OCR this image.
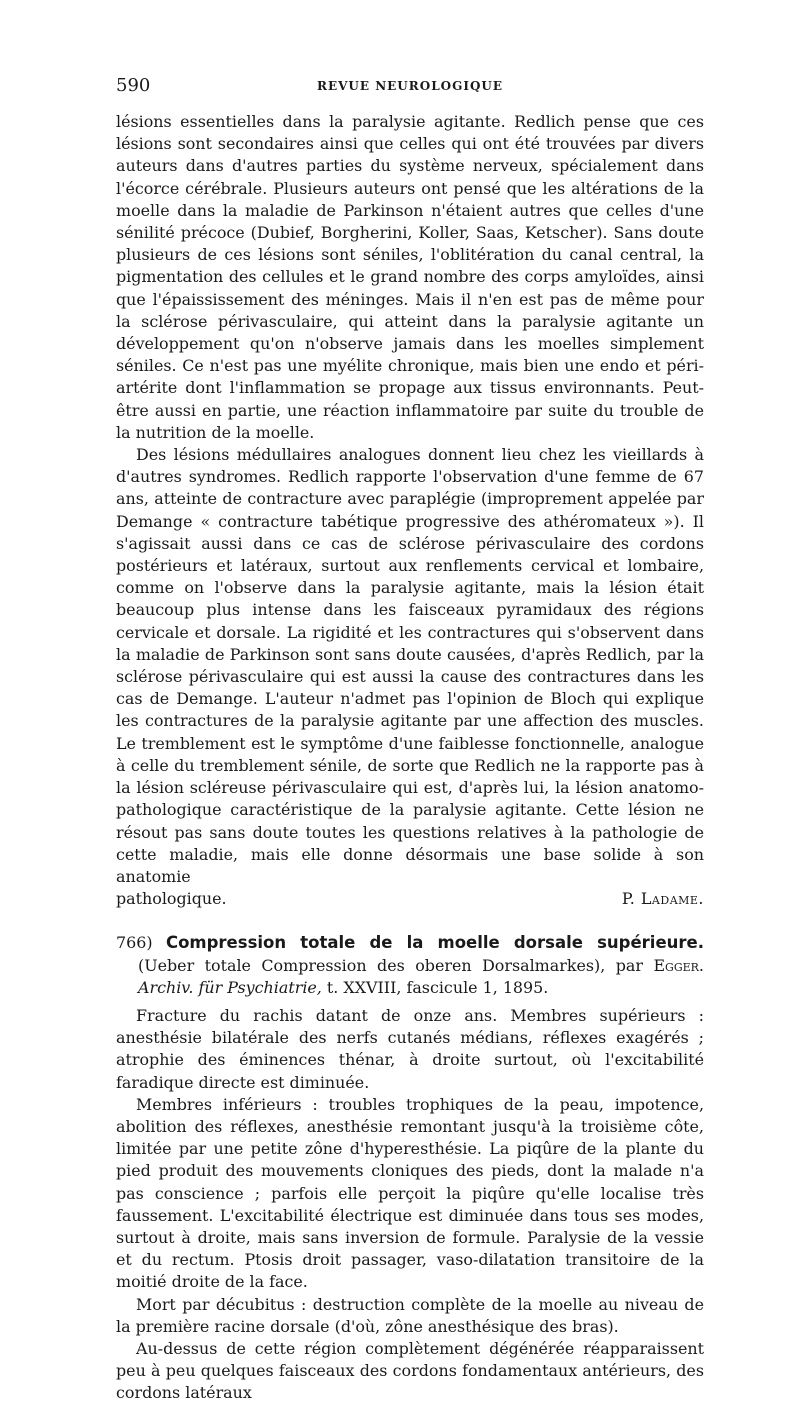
590	REVUE NEUROLOGIQUE

lésions essentielles dans la paralysie agitante. Redlich pense que ces lésions sont secondaires ainsi que celles qui ont été trouvées par divers auteurs dans d'autres parties du système nerveux, spécialement dans l'écorce cérébrale. Plusieurs auteurs ont pensé que les altérations de la moelle dans la maladie de Parkinson n'étaient autres que celles d'une sénilité précoce (Dubief, Borgherini, Koller, Saas, Ketscher). Sans doute plusieurs de ces lésions sont séniles, l'oblitération du canal central, la pigmentation des cellules et le grand nombre des corps amyloïdes, ainsi que l'épaississement des méninges. Mais il n'en est pas de même pour la sclérose périvasculaire, qui atteint dans la paralysie agitante un développement qu'on n'observe jamais dans les moelles simplement séniles. Ce n'est pas une myélite chronique, mais bien une endo et péri-artérite dont l'inflammation se propage aux tissus environnants. Peut-être aussi en partie, une réaction inflammatoire par suite du trouble de la nutrition de la moelle.

Des lésions médullaires analogues donnent lieu chez les vieillards à d'autres syndromes. Redlich rapporte l'observation d'une femme de 67 ans, atteinte de contracture avec paraplégie (improprement appelée par Demange « contracture tabétique progressive des athéromateux »). Il s'agissait aussi dans ce cas de sclérose périvasculaire des cordons postérieurs et latéraux, surtout aux renflements cervical et lombaire, comme on l'observe dans la paralysie agitante, mais la lésion était beaucoup plus intense dans les faisceaux pyramidaux des régions cervicale et dorsale. La rigidité et les contractures qui s'observent dans la maladie de Parkinson sont sans doute causées, d'après Redlich, par la sclérose périvasculaire qui est aussi la cause des contractures dans les cas de Demange. L'auteur n'admet pas l'opinion de Bloch qui explique les contractures de la paralysie agitante par une affection des muscles. Le tremblement est le symptôme d'une faiblesse fonctionnelle, analogue à celle du tremblement sénile, de sorte que Redlich ne la rapporte pas à la lésion scléreuse périvasculaire qui est, d'après lui, la lésion anatomo-pathologique caractéristique de la paralysie agitante. Cette lésion ne résout pas sans doute toutes les questions relatives à la pathologie de cette maladie, mais elle donne désormais une base solide à son anatomie

pathologique.	P. Ladame.
766) Compression totale de la moelle dorsale supérieure. (Ueber totale Compression des oberen Dorsalmarkes), par Egger. Archiv. für Psychiatrie, t. XXVIII, fascicule 1, 1895.

Fracture du rachis datant de onze ans. Membres supérieurs : anesthésie bilatérale des nerfs cutanés médians, réflexes exagérés ; atrophie des éminences thénar, à droite surtout, où l'excitabilité faradique directe est diminuée.

Membres inférieurs : troubles trophiques de la peau, impotence, abolition des réflexes, anesthésie remontant jusqu'à la troisième côte, limitée par une petite zône d'hyperesthésie. La piqûre de la plante du pied produit des mouvements cloniques des pieds, dont la malade n'a pas conscience ; parfois elle perçoit la piqûre qu'elle localise très faussement. L'excitabilité électrique est diminuée dans tous ses modes, surtout à droite, mais sans inversion de formule. Paralysie de la vessie et du rectum. Ptosis droit passager, vaso-dilatation transitoire de la moitié droite de la face.

Mort par décubitus : destruction complète de la moelle au niveau de la première racine dorsale (d'où, zône anesthésique des bras).

Au-dessus de cette région complètement dégénérée réapparaissent peu à peu quelques faisceaux des cordons fondamentaux antérieurs, des cordons latéraux
